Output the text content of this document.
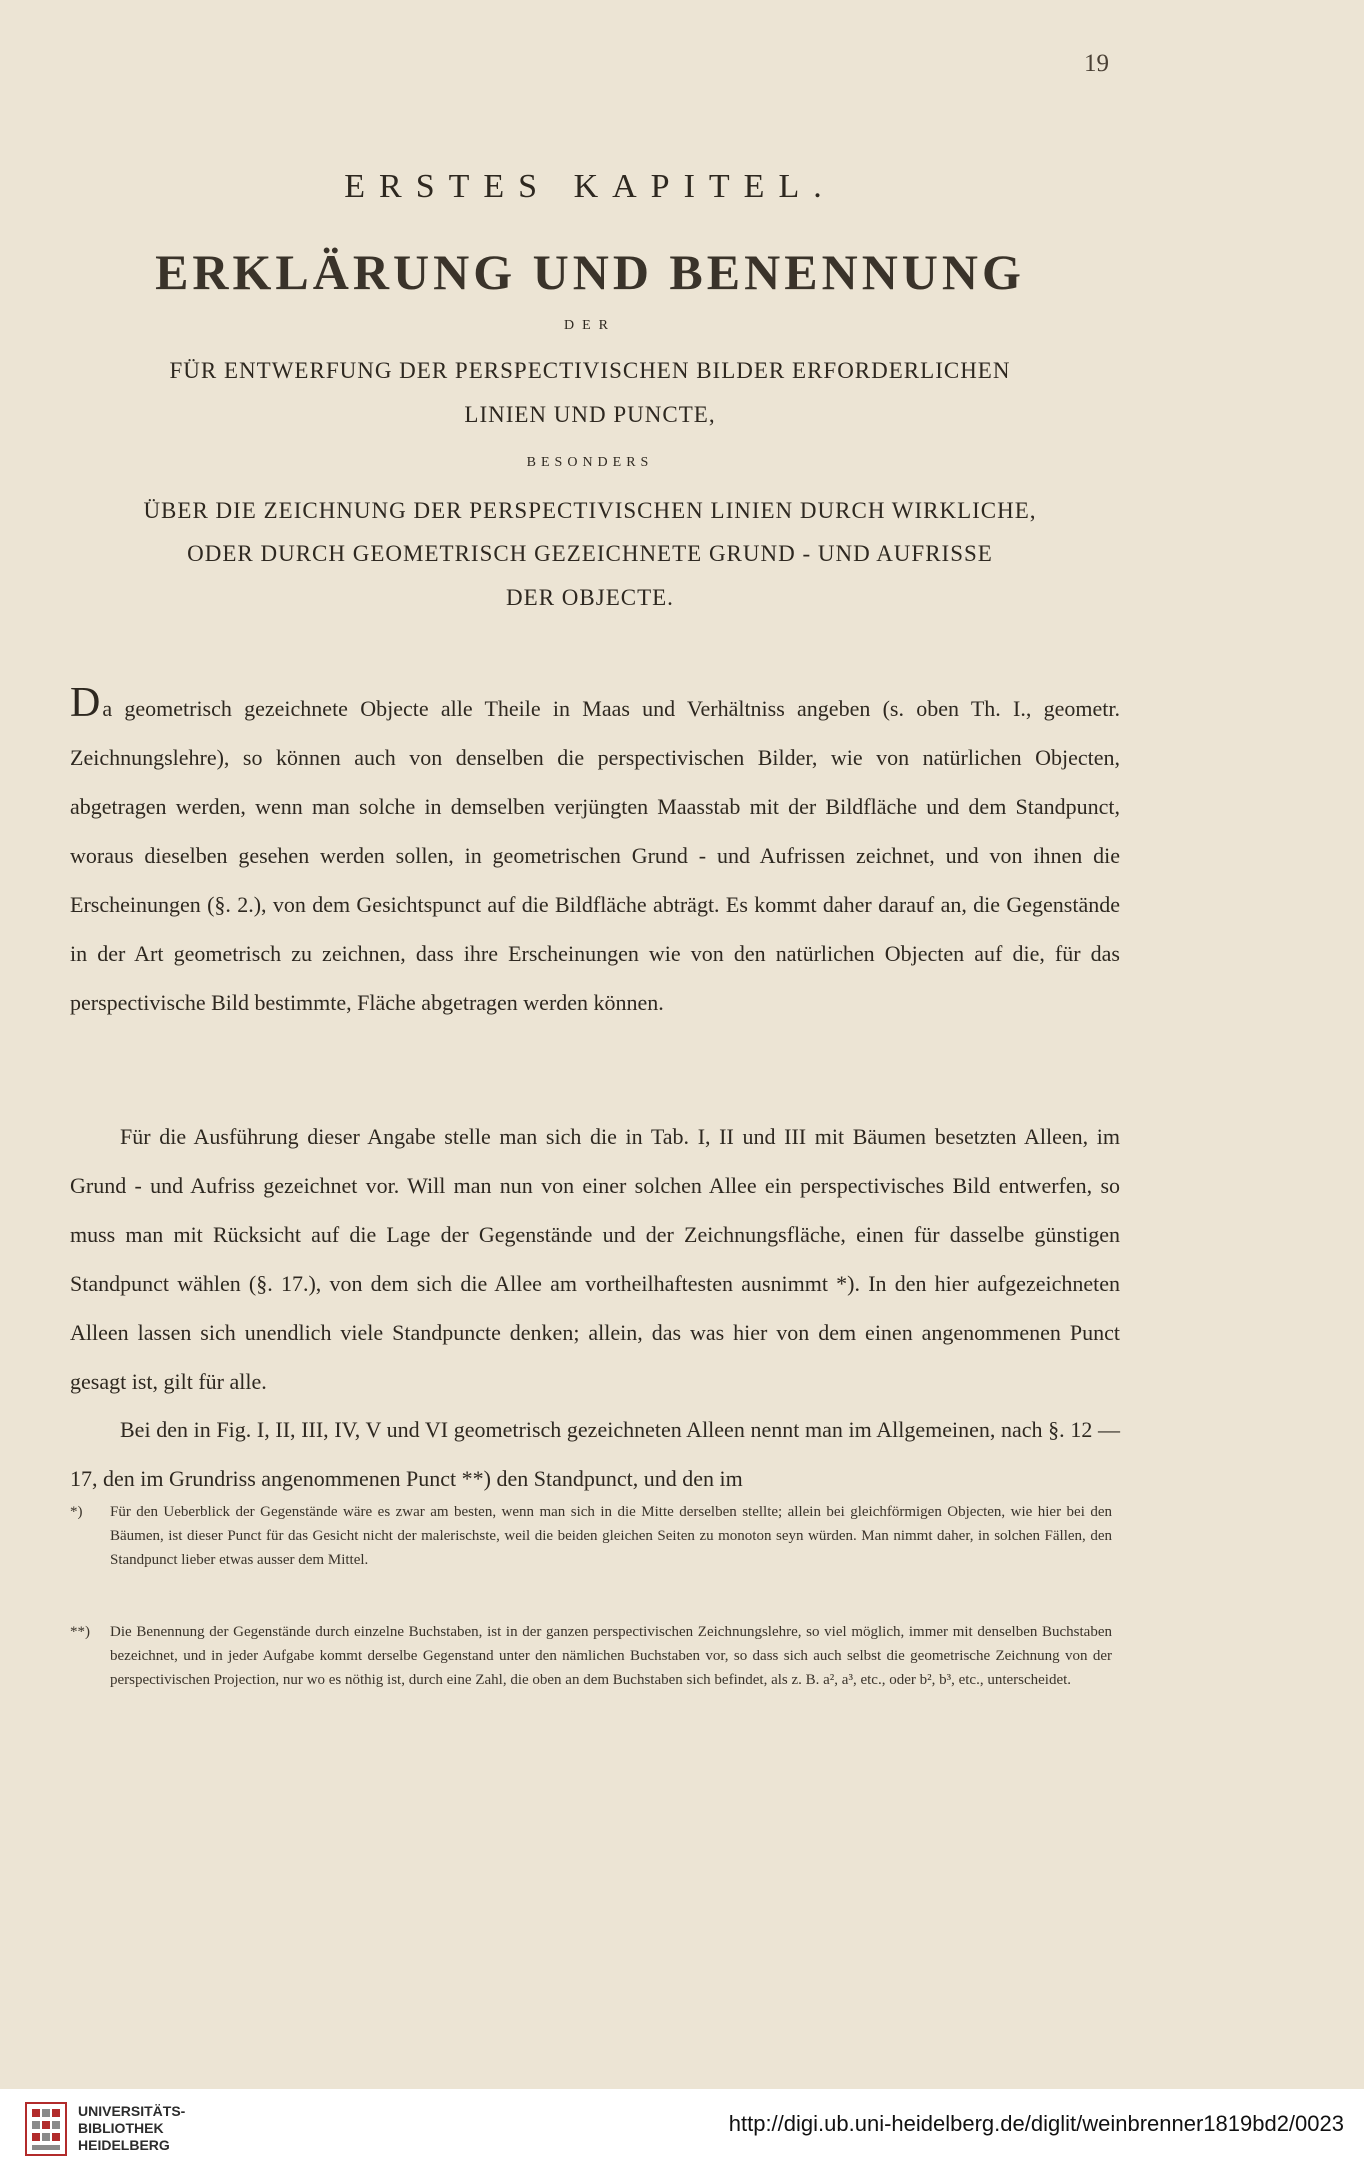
19
ERSTES KAPITEL.
ERKLÄRUNG UND BENENNUNG
DER
FÜR ENTWERFUNG DER PERSPECTIVISCHEN BILDER ERFORDERLICHEN
LINIEN UND PUNCTE,
BESONDERS
ÜBER DIE ZEICHNUNG DER PERSPECTIVISCHEN LINIEN DURCH WIRKLICHE,
ODER DURCH GEOMETRISCH GEZEICHNETE GRUND - UND AUFRISSE
DER OBJECTE.
Da geometrisch gezeichnete Objecte alle Theile in Maas und Verhältniss angeben (s. oben Th. I., geometr. Zeichnungslehre), so können auch von denselben die perspectivischen Bilder, wie von natürlichen Objecten, abgetragen werden, wenn man solche in demselben verjüngten Maasstab mit der Bildfläche und dem Standpunct, woraus dieselben gesehen werden sollen, in geometrischen Grund - und Aufrissen zeichnet, und von ihnen die Erscheinungen (§. 2.), von dem Gesichtspunct auf die Bildfläche abträgt. Es kommt daher darauf an, die Gegenstände in der Art geometrisch zu zeichnen, dass ihre Erscheinungen wie von den natürlichen Objecten auf die, für das perspectivische Bild bestimmte, Fläche abgetragen werden können.
Für die Ausführung dieser Angabe stelle man sich die in Tab. I, II und III mit Bäumen besetzten Alleen, im Grund - und Aufriss gezeichnet vor. Will man nun von einer solchen Allee ein perspectivisches Bild entwerfen, so muss man mit Rücksicht auf die Lage der Gegenstände und der Zeichnungsfläche, einen für dasselbe günstigen Standpunct wählen (§. 17.), von dem sich die Allee am vortheilhaftesten ausnimmt *). In den hier aufgezeichneten Alleen lassen sich unendlich viele Standpuncte denken; allein, das was hier von dem einen angenommenen Punct gesagt ist, gilt für alle.
Bei den in Fig. I, II, III, IV, V und VI geometrisch gezeichneten Alleen nennt man im Allgemeinen, nach §. 12 — 17, den im Grundriss angenommenen Punct **) den Standpunct, und den im
*) Für den Ueberblick der Gegenstände wäre es zwar am besten, wenn man sich in die Mitte derselben stellte; allein bei gleichförmigen Objecten, wie hier bei den Bäumen, ist dieser Punct für das Gesicht nicht der malerischste, weil die beiden gleichen Seiten zu monoton seyn würden. Man nimmt daher, in solchen Fällen, den Standpunct lieber etwas ausser dem Mittel.
**) Die Benennung der Gegenstände durch einzelne Buchstaben, ist in der ganzen perspectivischen Zeichnungslehre, so viel möglich, immer mit denselben Buchstaben bezeichnet, und in jeder Aufgabe kommt derselbe Gegenstand unter den nämlichen Buchstaben vor, so dass sich auch selbst die geometrische Zeichnung von der perspectivischen Projection, nur wo es nöthig ist, durch eine Zahl, die oben an dem Buchstaben sich befindet, als z. B. a², a³, etc., oder b², b³, etc., unterscheidet.
UNIVERSITÄTS-
BIBLIOTHEK
HEIDELBERG
http://digi.ub.uni-heidelberg.de/diglit/weinbrenner1819bd2/0023
